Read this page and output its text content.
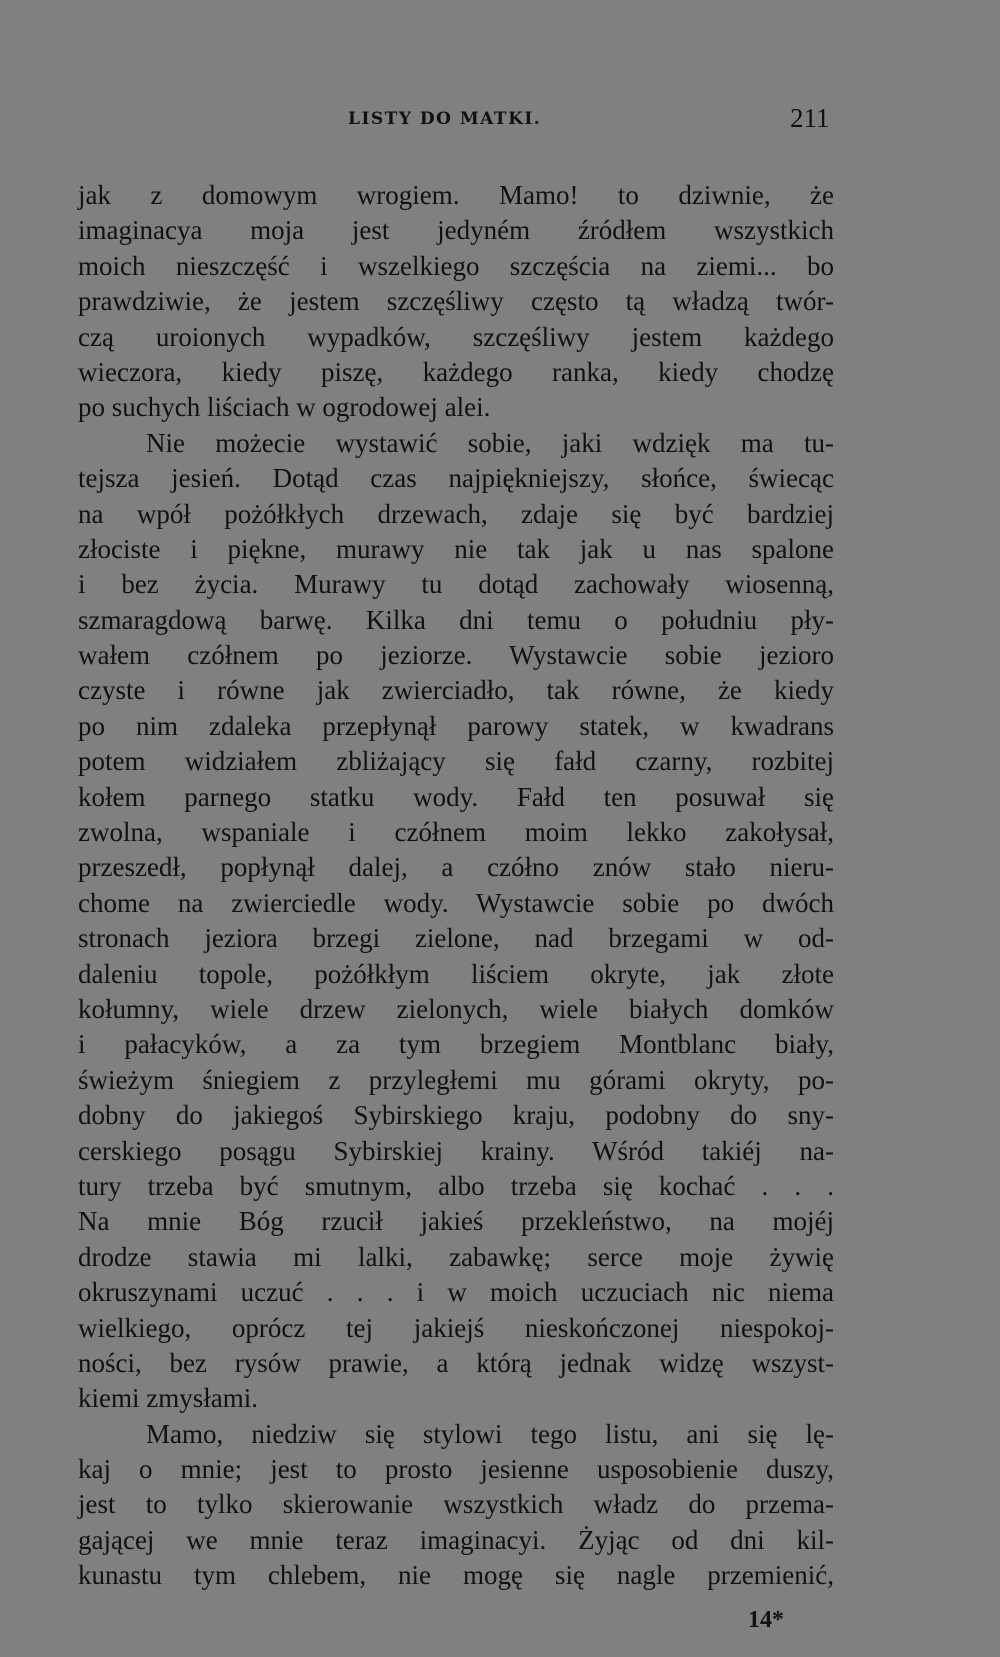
LISTY DO MATKI.	211
jak z domowym wrogiem. Mamo! to dziwnie, że
imaginacya moja jest jedyném źródłem wszystkich
moich nieszczęść i wszelkiego szczęścia na ziemi... bo
prawdziwie, że jestem szczęśliwy często tą władzą twór-
czą uroionych wypadków, szczęśliwy jestem każdego
wieczora, kiedy piszę, każdego ranka, kiedy chodzę
po suchych liściach w ogrodowej alei.
Nie możecie wystawić sobie, jaki wdzięk ma tu-
tejsza jesień. Dotąd czas najpiękniejszy, słońce, świecąc
na wpół pożółkłych drzewach, zdaje się być bardziej
złociste i piękne, murawy nie tak jak u nas spalone
i bez życia. Murawy tu dotąd zachowały wiosenną,
szmaragdową barwę. Kilka dni temu o południu pły-
wałem czółnem po jeziorze. Wystawcie sobie jezioro
czyste i równe jak zwierciadło, tak równe, że kiedy
po nim zdaleka przepłynął parowy statek, w kwadrans
potem widziałem zbliżający się fałd czarny, rozbitej
kołem parnego statku wody. Fałd ten posuwał się
zwolna, wspaniale i czółnem moim lekko zakołysał,
przeszedł, popłynął dalej, a czółno znów stało nieru-
chome na zwierciedle wody. Wystawcie sobie po dwóch
stronach jeziora brzegi zielone, nad brzegami w od-
daleniu topole, pożółkłym liściem okryte, jak złote
kołumny, wiele drzew zielonych, wiele białych domków
i pałacyków, a za tym brzegiem Montblanc biały,
świeżym śniegiem z przyległemi mu górami okryty, po-
dobny do jakiegoś Sybirskiego kraju, podobny do sny-
cerskiego posągu Sybirskiej krainy. Wśród takiéj na-
tury trzeba być smutnym, albo trzeba się kochać . . .
Na mnie Bóg rzucił jakieś przekleństwo, na mojéj
drodze stawia mi lalki, zabawkę; serce moje żywię
okruszynami uczuć . . . i w moich uczuciach nic niema
wielkiego, oprócz tej jakiejś nieskończonej niespokoj-
ności, bez rysów prawie, a którą jednak widzę wszyst-
kiemi zmysłami.
Mamo, niedziw się stylowi tego listu, ani się lę-
kaj o mnie; jest to prosto jesienne usposobienie duszy,
jest to tylko skierowanie wszystkich władz do przema-
gającej we mnie teraz imaginacyi. Żyjąc od dni kil-
kunastu tym chlebem, nie mogę się nagle przemienić,
14*
